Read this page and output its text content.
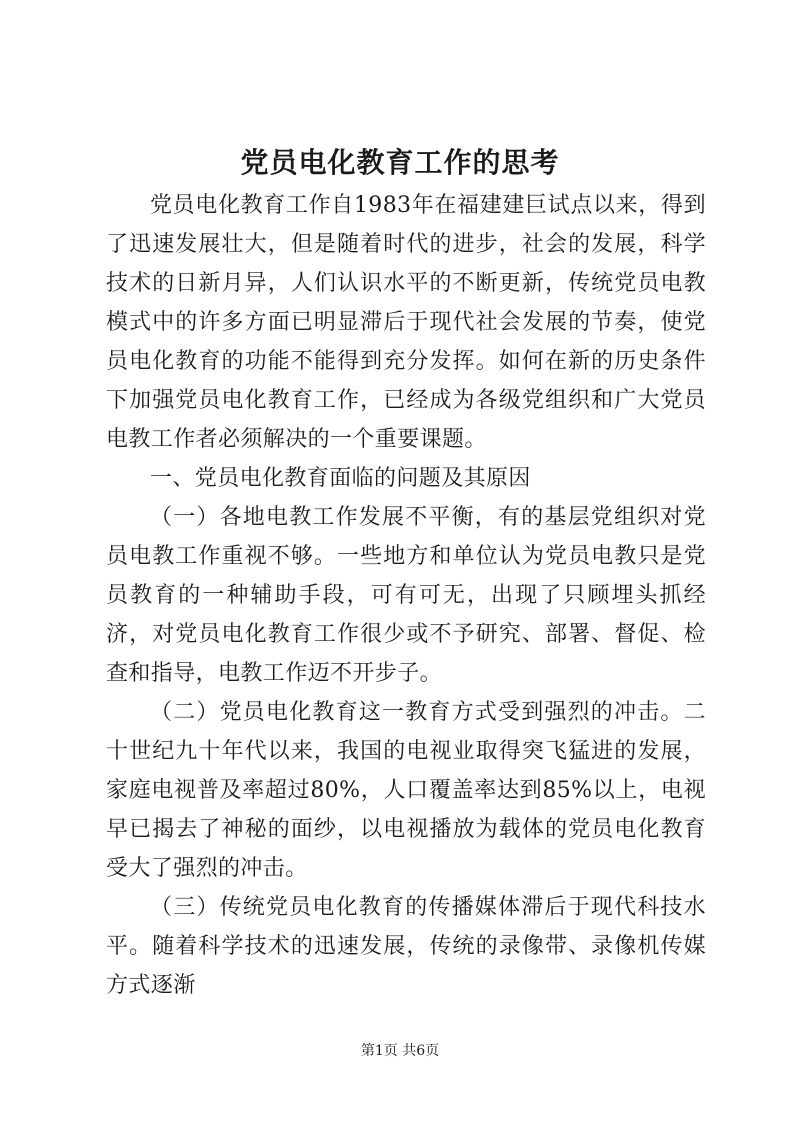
党员电化教育工作的思考

党员电化教育工作自1983年在福建建巨试点以来，得到了迅速发展壮大，但是随着时代的进步，社会的发展，科学技术的日新月异，人们认识水平的不断更新，传统党员电教模式中的许多方面已明显滞后于现代社会发展的节奏，使党员电化教育的功能不能得到充分发挥。如何在新的历史条件下加强党员电化教育工作，已经成为各级党组织和广大党员电教工作者必须解决的一个重要课题。

一、党员电化教育面临的问题及其原因

（一）各地电教工作发展不平衡，有的基层党组织对党员电教工作重视不够。一些地方和单位认为党员电教只是党员教育的一种辅助手段，可有可无，出现了只顾埋头抓经济，对党员电化教育工作很少或不予研究、部署、督促、检查和指导，电教工作迈不开步子。

（二）党员电化教育这一教育方式受到强烈的冲击。二十世纪九十年代以来，我国的电视业取得突飞猛进的发展，家庭电视普及率超过80%，人口覆盖率达到85%以上，电视早已揭去了神秘的面纱，以电视播放为载体的党员电化教育受大了强烈的冲击。

（三）传统党员电化教育的传播媒体滞后于现代科技水平。随着科学技术的迅速发展，传统的录像带、录像机传媒方式逐渐

第1页 共6页
